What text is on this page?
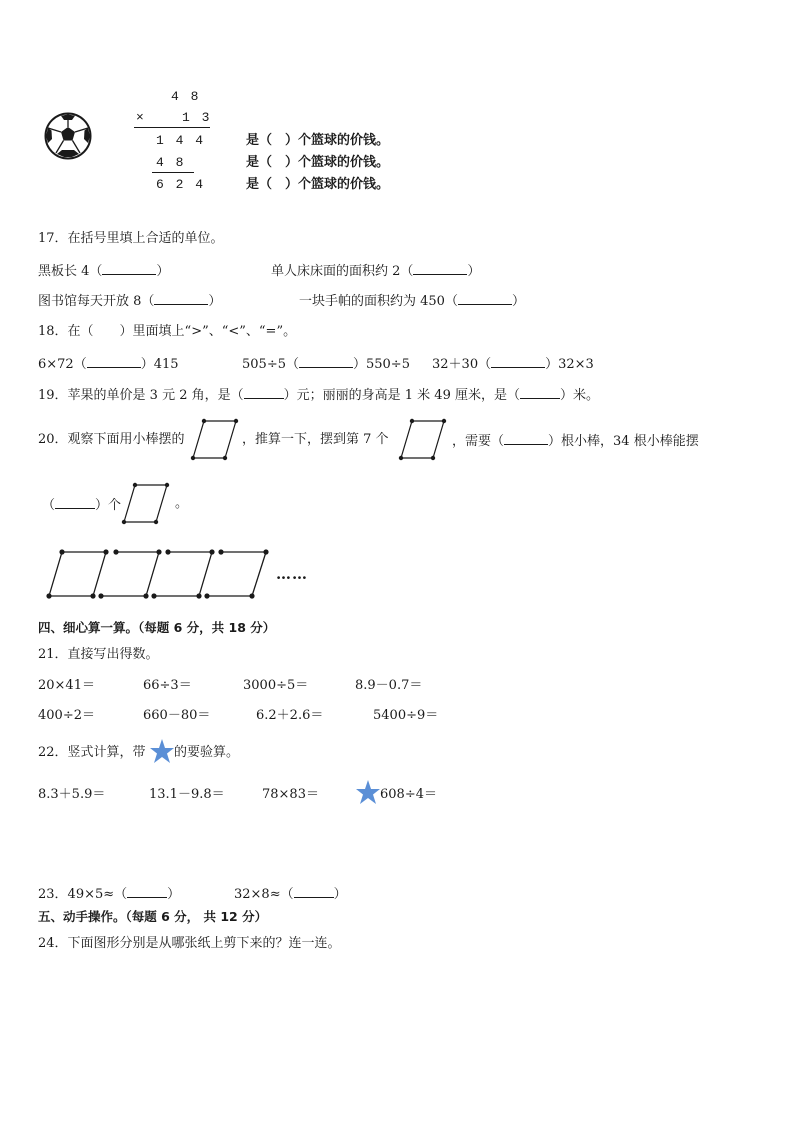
4 8
×	1 3
1 4 4
4 8
6 2 4
是（　）个篮球的价钱。
是（　）个篮球的价钱。
是（　）个篮球的价钱。
17．在括号里填上合适的单位。
黑板长 4（	）	单人床床面的面积约 2（	）
图书馆每天开放 8（	）	一块手帕的面积约为 450（	）
18．在（　　）里面填上“>”、“<”、“=”。
6×72（	）415	505÷5（	）550÷5 32＋30（	）32×3
19．苹果的单价是 3 元 2 角，是（	）元；丽丽的身高是 1 米 49 厘米，是（	）米。
20．观察下面用小棒摆的	，推算一下，摆到第 7 个	，需要（	）根小棒，34 根小棒能摆
（	）个	。
……
四、细心算一算。（每题 6 分，共 18 分）
21．直接写出得数。
20×41＝	66÷3＝	3000÷5＝	8.9－0.7＝
400÷2＝	660－80＝	6.2＋2.6＝	5400÷9＝
22．竖式计算，带 的要验算。
8.3＋5.9＝	13.1－9.8＝	78×83＝	608÷4＝
23．49×5≈（	）	32×8≈（	）
五、动手操作。（每题 6 分， 共 12 分）
24．下面图形分别是从哪张纸上剪下来的？连一连。
